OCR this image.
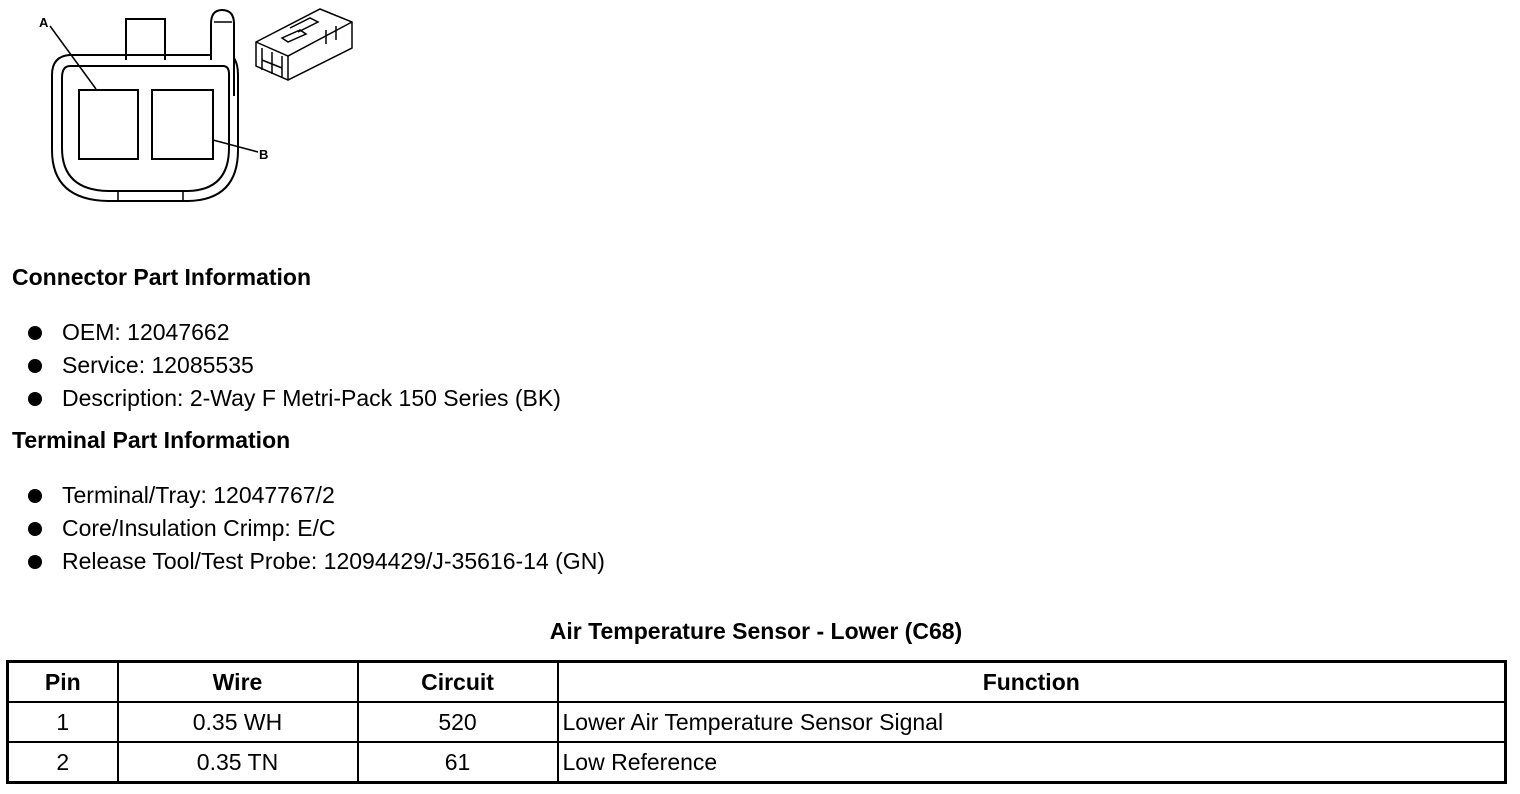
A
B
Connector Part Information
OEM: 12047662
Service: 12085535
Description: 2-Way F Metri-Pack 150 Series (BK)
Terminal Part Information
Terminal/Tray: 12047767/2
Core/Insulation Crimp: E/C
Release Tool/Test Probe: 12094429/J-35616-14 (GN)
Air Temperature Sensor - Lower (C68)
Pin	Wire	Circuit	Function
1	0.35 WH	520	Lower Air Temperature Sensor Signal
2	0.35 TN	61	Low Reference
